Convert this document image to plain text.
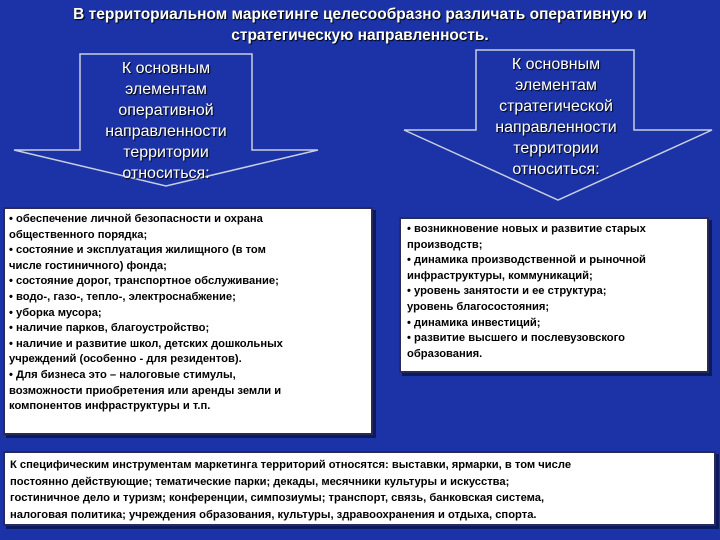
В территориальном маркетинге целесообразно различать оперативную и
стратегическую направленность.
К основным
элементам
оперативной
направленности
территории
относиться:
К основным
элементам
стратегической
направленности
территории
относиться:
• обеспечение личной безопасности и охрана
общественного порядка;
• состояние и эксплуатация жилищного (в том
числе гостиничного) фонда;
• состояние дорог, транспортное обслуживание;
• водо-, газо-, тепло-, электроснабжение;
• уборка мусора;
• наличие парков, благоустройство;
• наличие и развитие школ, детских дошкольных
учреждений (особенно - для резидентов).
• Для бизнеса это – налоговые стимулы,
возможности приобретения или аренды земли и
компонентов инфраструктуры и т.п.
• возникновение новых и развитие старых
производств;
• динамика производственной и рыночной
инфраструктуры, коммуникаций;
• уровень занятости и ее структура;
уровень благосостояния;
• динамика инвестиций;
• развитие высшего и послевузовского
образования.
К специфическим инструментам маркетинга территорий относятся: выставки, ярмарки, в том числе
постоянно действующие; тематические парки; декады, месячники культуры и искусства;
гостиничное дело и туризм; конференции, симпозиумы; транспорт, связь, банковская система,
налоговая политика; учреждения образования, культуры, здравоохранения и отдыха, спорта.
